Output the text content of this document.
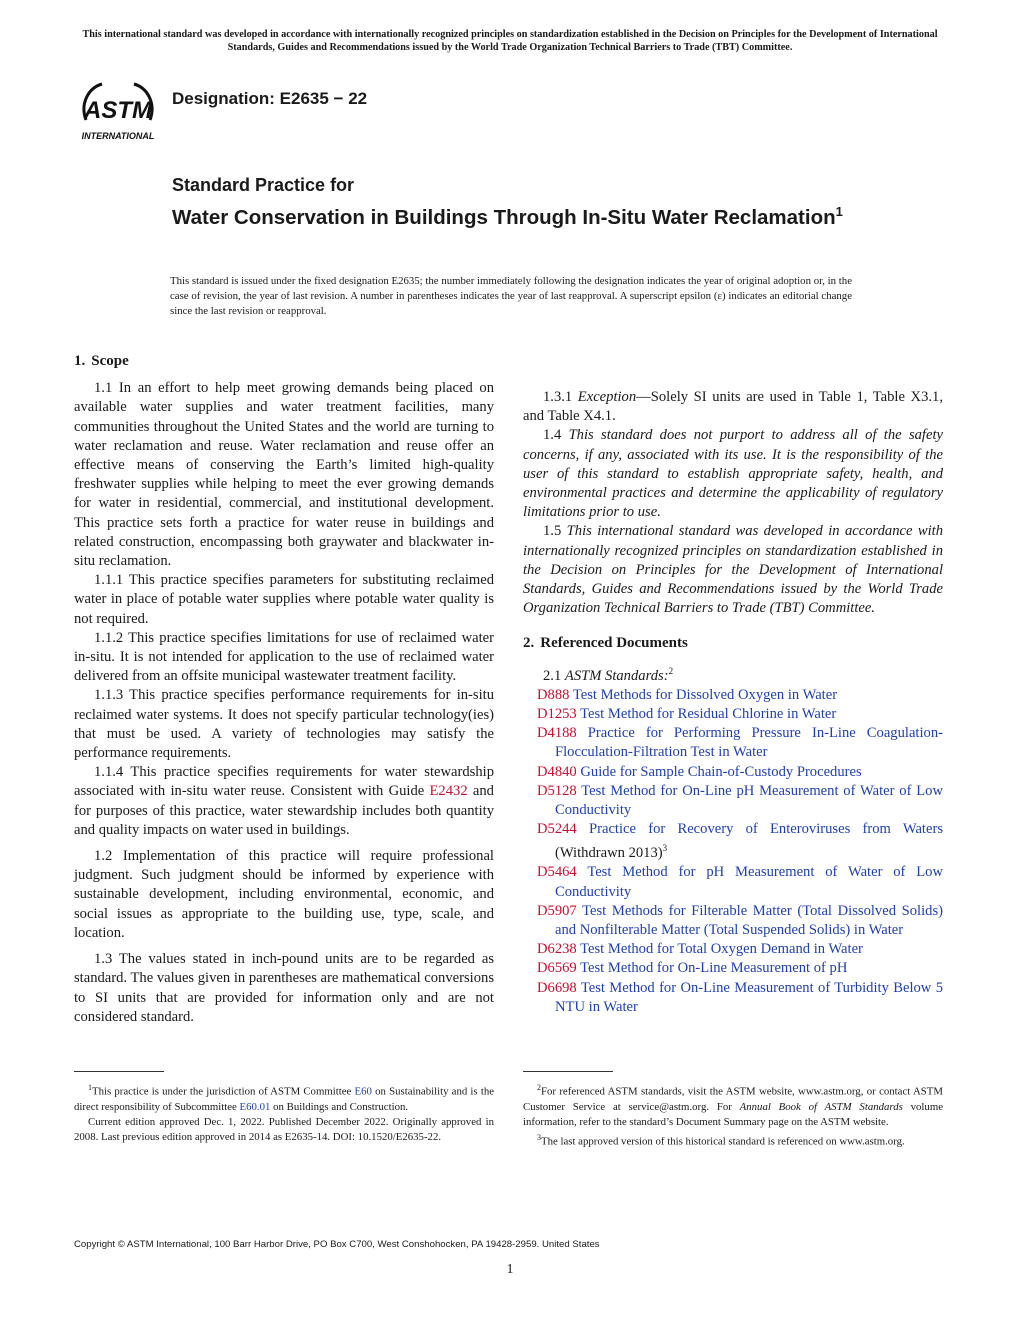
This international standard was developed in accordance with internationally recognized principles on standardization established in the Decision on Principles for the Development of International Standards, Guides and Recommendations issued by the World Trade Organization Technical Barriers to Trade (TBT) Committee.
ASTM
INTERNATIONAL
Designation: E2635 − 22
Standard Practice for
Water Conservation in Buildings Through In-Situ Water Reclamation$^1$
This standard is issued under the fixed designation E2635; the number immediately following the designation indicates the year of original adoption or, in the case of revision, the year of last revision. A number in parentheses indicates the year of last reapproval. A superscript epsilon (ε) indicates an editorial change since the last revision or reapproval.

1. Scope

1.1 In an effort to help meet growing demands being placed on available water supplies and water treatment facilities, many communities throughout the United States and the world are turning to water reclamation and reuse. Water reclamation and reuse offer an effective means of conserving the Earth’s limited high-quality freshwater supplies while helping to meet the ever growing demands for water in residential, commercial, and institutional development. This practice sets forth a practice for water reuse in buildings and related construction, encompassing both graywater and blackwater in-situ reclamation.

1.1.1 This practice specifies parameters for substituting reclaimed water in place of potable water supplies where potable water quality is not required.

1.1.2 This practice specifies limitations for use of reclaimed water in-situ. It is not intended for application to the use of reclaimed water delivered from an offsite municipal wastewater treatment facility.

1.1.3 This practice specifies performance requirements for in-situ reclaimed water systems. It does not specify particular technology(ies) that must be used. A variety of technologies may satisfy the performance requirements.

1.1.4 This practice specifies requirements for water stewardship associated with in-situ water reuse. Consistent with Guide E2432 and for purposes of this practice, water stewardship includes both quantity and quality impacts on water used in buildings.

1.2 Implementation of this practice will require professional judgment. Such judgment should be informed by experience with sustainable development, including environmental, economic, and social issues as appropriate to the building use, type, scale, and location.

1.3 The values stated in inch-pound units are to be regarded as standard. The values given in parentheses are mathematical conversions to SI units that are provided for information only and are not considered standard.

1.3.1 Exception—Solely SI units are used in Table 1, Table X3.1, and Table X4.1.

1.4 This standard does not purport to address all of the safety concerns, if any, associated with its use. It is the responsibility of the user of this standard to establish appropriate safety, health, and environmental practices and determine the applicability of regulatory limitations prior to use.

1.5 This international standard was developed in accordance with internationally recognized principles on standardization established in the Decision on Principles for the Development of International Standards, Guides and Recommendations issued by the World Trade Organization Technical Barriers to Trade (TBT) Committee.

2. Referenced Documents

2.1 ASTM Standards:$^2$

D888 Test Methods for Dissolved Oxygen in Water

D1253 Test Method for Residual Chlorine in Water

D4188 Practice for Performing Pressure In-Line Coagulation-Flocculation-Filtration Test in Water

D4840 Guide for Sample Chain-of-Custody Procedures

D5128 Test Method for On-Line pH Measurement of Water of Low Conductivity

D5244 Practice for Recovery of Enteroviruses from Waters (Withdrawn 2013)$^3$

D5464 Test Method for pH Measurement of Water of Low Conductivity

D5907 Test Methods for Filterable Matter (Total Dissolved Solids) and Nonfilterable Matter (Total Suspended Solids) in Water

D6238 Test Method for Total Oxygen Demand in Water

D6569 Test Method for On-Line Measurement of pH

D6698 Test Method for On-Line Measurement of Turbidity Below 5 NTU in Water

$^1$This practice is under the jurisdiction of ASTM Committee E60 on Sustainability and is the direct responsibility of Subcommittee E60.01 on Buildings and Construction.

Current edition approved Dec. 1, 2022. Published December 2022. Originally approved in 2008. Last previous edition approved in 2014 as E2635-14. DOI: 10.1520/E2635-22.

$^2$For referenced ASTM standards, visit the ASTM website, www.astm.org, or contact ASTM Customer Service at service@astm.org. For Annual Book of ASTM Standards volume information, refer to the standard’s Document Summary page on the ASTM website.

$^3$The last approved version of this historical standard is referenced on www.astm.org.

Copyright © ASTM International, 100 Barr Harbor Drive, PO Box C700, West Conshohocken, PA 19428-2959. United States
1
